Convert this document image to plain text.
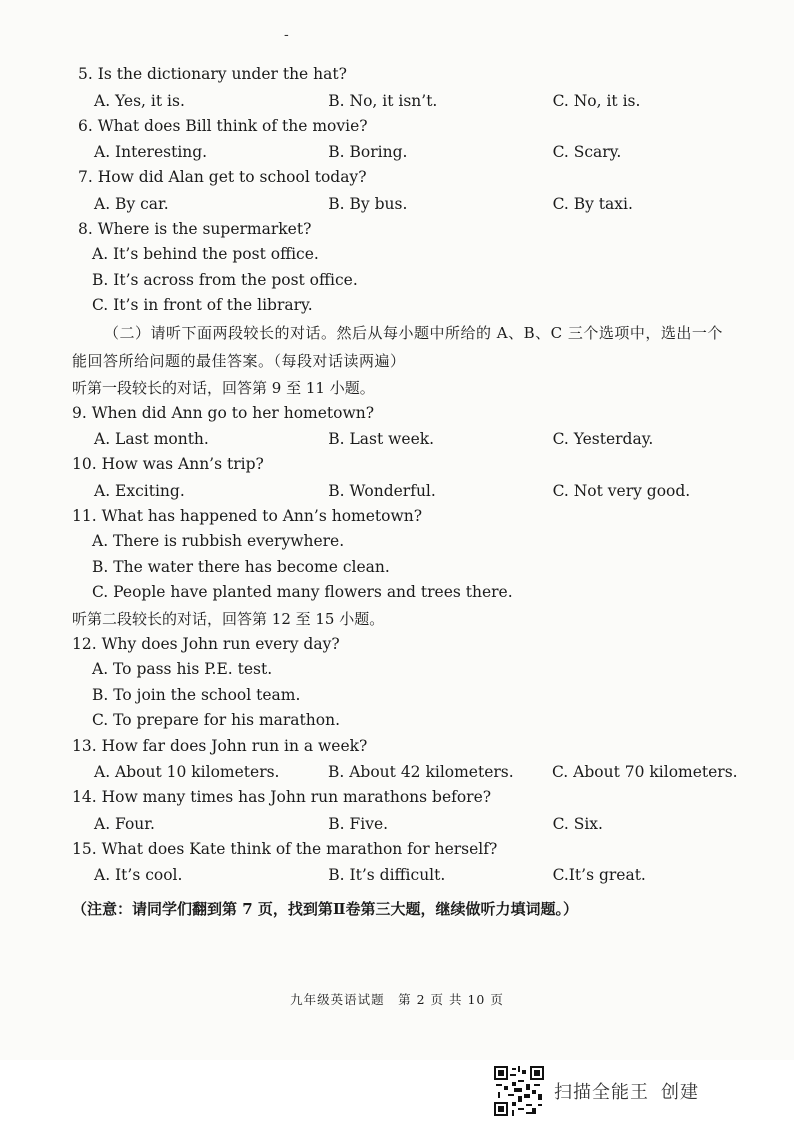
-
5. Is the dictionary under the hat?
A. Yes, it is.	B. No, it isn’t.	C. No, it is.
6. What does Bill think of the movie?
A. Interesting.	B. Boring.	C. Scary.
7. How did Alan get to school today?
A. By car.	B. By bus.	C. By taxi.
8. Where is the supermarket?
A. It’s behind the post office.
B. It’s across from the post office.
C. It’s in front of the library.
（二）请听下面两段较长的对话。然后从每小题中所给的 A、B、C 三个选项中，选出一个能回答所给问题的最佳答案。（每段对话读两遍）
听第一段较长的对话，回答第 9 至 11 小题。
9. When did Ann go to her hometown?
A. Last month.	B. Last week.	C. Yesterday.
10. How was Ann’s trip?
A. Exciting.	B. Wonderful.	C. Not very good.
11. What has happened to Ann’s hometown?
A. There is rubbish everywhere.
B. The water there has become clean.
C. People have planted many flowers and trees there.
听第二段较长的对话，回答第 12 至 15 小题。
12. Why does John run every day?
A. To pass his P.E. test.
B. To join the school team.
C. To prepare for his marathon.
13. How far does John run in a week?
A. About 10 kilometers.	B. About 42 kilometers.	C. About 70 kilometers.
14. How many times has John run marathons before?
A. Four.	B. Five.	C. Six.
15. What does Kate think of the marathon for herself?
A. It’s cool.	B. It’s difficult.	C.It’s great.
（注意：请同学们翻到第 7 页，找到第Ⅱ卷第三大题，继续做听力填词题。）
九年级英语试题　第 2 页 共 10 页
扫描全能王 创建
